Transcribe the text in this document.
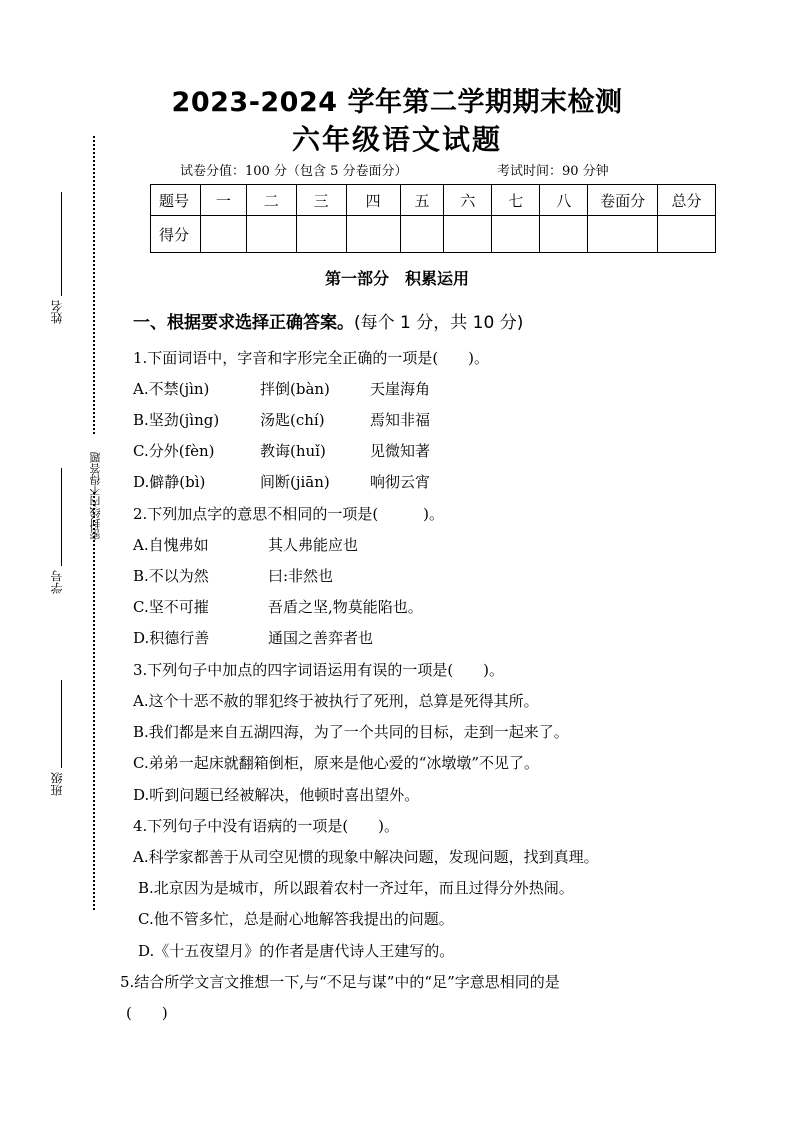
密封线内不得答题
姓名
学号
班级
2023-2024 学年第二学期期末检测
六年级语文试题
试卷分值：100 分（包含 5 分卷面分）	考试时间：90 分钟
题号	一	二	三	四	五	六	七	八	卷面分	总分
得分										
第一部分　积累运用
一、根据要求选择正确答案。(每个 1 分，共 10 分)
1.下面词语中，字音和字形完全正确的一项是(　　)。
A.不禁(jìn)	拌倒(bàn)	天崖海角
B.坚劲(jìng)	汤匙(chí)	焉知非福
C.分外(fèn)	教诲(huǐ)	见微知著
D.僻静(bì)	间断(jiān)	响彻云宵
2.下列加点字的意思不相同的一项是(　　　)。
A.自愧弗如	其人弗能应也
B.不以为然	曰:非然也
C.坚不可摧	吾盾之坚,物莫能陷也。
D.积德行善	通国之善弈者也
3.下列句子中加点的四字词语运用有误的一项是(　　)。
A.这个十恶不赦的罪犯终于被执行了死刑，总算是死得其所。
B.我们都是来自五湖四海，为了一个共同的目标，走到一起来了。
C.弟弟一起床就翻箱倒柜，原来是他心爱的“冰墩墩”不见了。
D.听到问题已经被解决，他顿时喜出望外。
4.下列句子中没有语病的一项是(　　)。
A.科学家都善于从司空见惯的现象中解决问题，发现问题，找到真理。
B.北京因为是城市，所以跟着农村一齐过年，而且过得分外热闹。
C.他不管多忙，总是耐心地解答我提出的问题。
D.《十五夜望月》的作者是唐代诗人王建写的。
5.结合所学文言文推想一下,与“不足与谋”中的“足”字意思相同的是
(　　)
